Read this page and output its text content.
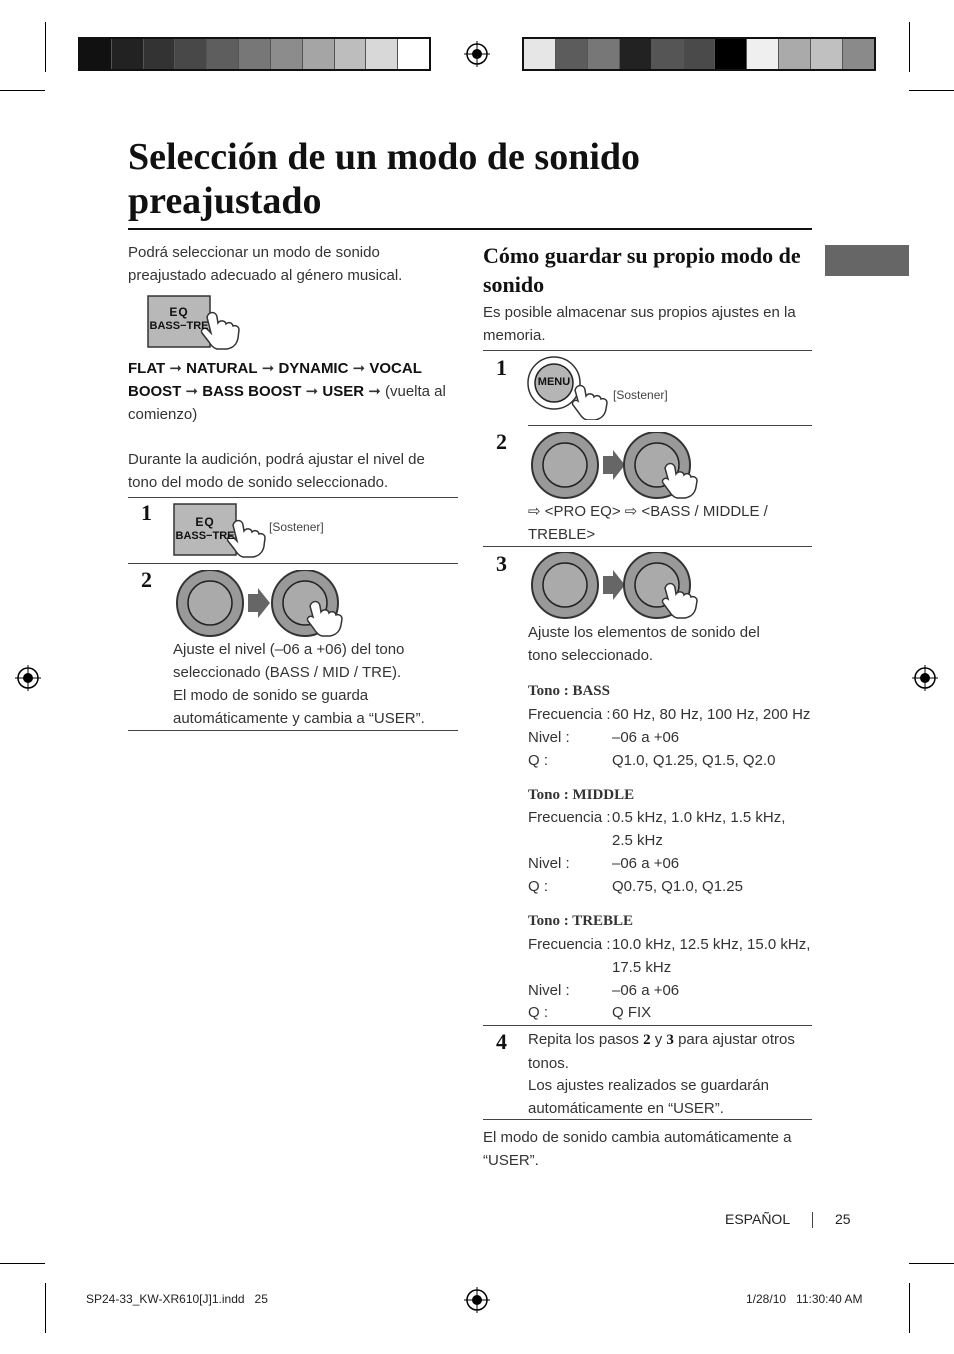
Selección de un modo de sonido preajustado
Podrá seleccionar un modo de sonido preajustado adecuado al género musical.
EQ
BASS−TRE
FLAT ➞ NATURAL ➞ DYNAMIC ➞ VOCAL BOOST ➞ BASS BOOST ➞ USER ➞ (vuelta al comienzo)
Durante la audición, podrá ajustar el nivel de tono del modo de sonido seleccionado.
1	EQ
BASS−TRE
[Sostener]
2
Ajuste el nivel (–06 a +06) del tono seleccionado (BASS / MID / TRE).
El modo de sonido se guarda automáticamente y cambia a “USER”.
Cómo guardar su propio modo de sonido
Es posible almacenar sus propios ajustes en la memoria.
1
MENU
[Sostener]
2
⇨ <PRO EQ> ⇨ <BASS / MIDDLE / TREBLE>
3
Ajuste los elementos de sonido del tono seleccionado.
Tono : BASS
Frecuencia : 60 Hz, 80 Hz, 100 Hz, 200 Hz
Nivel :	–06 a +06
Q :	Q1.0, Q1.25, Q1.5, Q2.0
Tono : MIDDLE
Frecuencia : 0.5 kHz, 1.0 kHz, 1.5 kHz,
2.5 kHz
Nivel :	–06 a +06
Q :	Q0.75, Q1.0, Q1.25
Tono : TREBLE
Frecuencia : 10.0 kHz, 12.5 kHz, 15.0 kHz,
17.5 kHz
Nivel :	–06 a +06
Q :	Q FIX
4 Repita los pasos 2 y 3 para ajustar otros tonos.
Los ajustes realizados se guardarán automáticamente en “USER”.
El modo de sonido cambia automáticamente a “USER”.
ESPAÑOL	25
SP24-33_KW-XR610[J]1.indd   25	1/28/10   11:30:40 AM
